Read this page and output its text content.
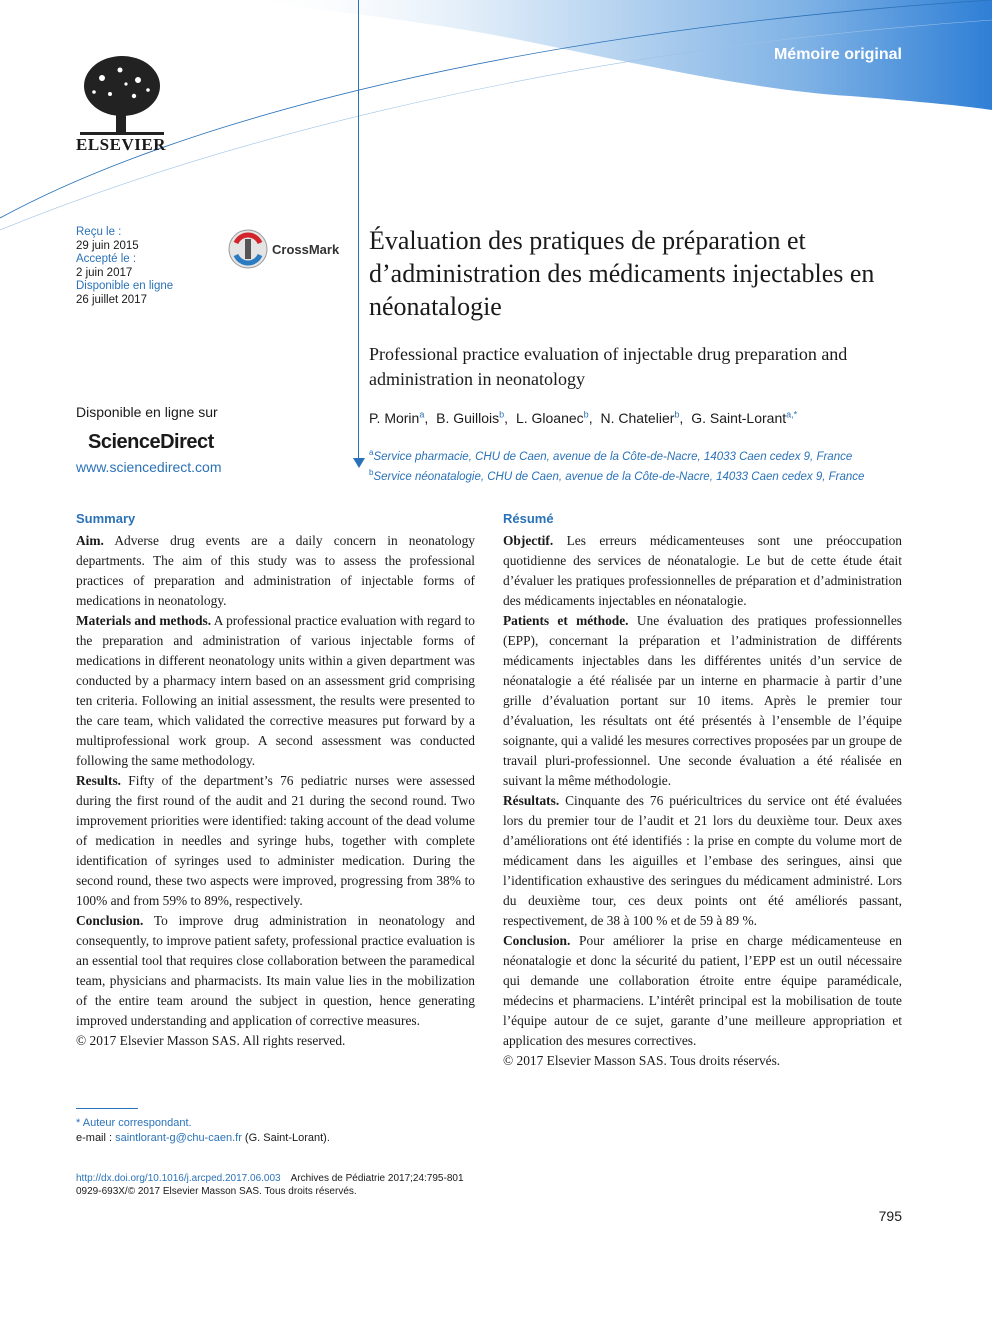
Mémoire original
ELSEVIER
Reçu le :
29 juin 2015
Accepté le :
2 juin 2017
Disponible en ligne
26 juillet 2017
CrossMark
Disponible en ligne sur
ScienceDirect
www.sciencedirect.com
Évaluation des pratiques de préparation et d’administration des médicaments injectables en néonatalogie
Professional practice evaluation of injectable drug preparation and administration in neonatology
P. Morin$^a$, B. Guillois$^b$, L. Gloanec$^b$, N. Chatelier$^b$, G. Saint-Lorant$^{a,*}$
$^a$Service pharmacie, CHU de Caen, avenue de la Côte-de-Nacre, 14033 Caen cedex 9, France
$^b$Service néonatalogie, CHU de Caen, avenue de la Côte-de-Nacre, 14033 Caen cedex 9, France
Summary

Aim. Adverse drug events are a daily concern in neonatology departments. The aim of this study was to assess the professional practices of preparation and administration of injectable forms of medications in neonatology.

Materials and methods. A professional practice evaluation with regard to the preparation and administration of various injectable forms of medications in different neonatology units within a given department was conducted by a pharmacy intern based on an assessment grid comprising ten criteria. Following an initial assessment, the results were presented to the care team, which validated the corrective measures put forward by a multiprofessional work group. A second assessment was conducted following the same methodology.

Results. Fifty of the department’s 76 pediatric nurses were assessed during the first round of the audit and 21 during the second round. Two improvement priorities were identified: taking account of the dead volume of medication in needles and syringe hubs, together with complete identification of syringes used to administer medication. During the second round, these two aspects were improved, progressing from 38% to 100% and from 59% to 89%, respectively.

Conclusion. To improve drug administration in neonatology and consequently, to improve patient safety, professional practice evaluation is an essential tool that requires close collaboration between the paramedical team, physicians and pharmacists. Its main value lies in the mobilization of the entire team around the subject in question, hence generating improved understanding and application of corrective measures.

© 2017 Elsevier Masson SAS. All rights reserved.

Résumé

Objectif. Les erreurs médicamenteuses sont une préoccupation quotidienne des services de néonatalogie. Le but de cette étude était d’évaluer les pratiques professionnelles de préparation et d’administration des médicaments injectables en néonatalogie.

Patients et méthode. Une évaluation des pratiques professionnelles (EPP), concernant la préparation et l’administration de différents médicaments injectables dans les différentes unités d’un service de néonatalogie a été réalisée par un interne en pharmacie à partir d’une grille d’évaluation portant sur 10 items. Après le premier tour d’évaluation, les résultats ont été présentés à l’ensemble de l’équipe soignante, qui a validé les mesures correctives proposées par un groupe de travail pluri-professionnel. Une seconde évaluation a été réalisée en suivant la même méthodologie.

Résultats. Cinquante des 76 puéricultrices du service ont été évaluées lors du premier tour de l’audit et 21 lors du deuxième tour. Deux axes d’améliorations ont été identifiés : la prise en compte du volume mort de médicament dans les aiguilles et l’embase des seringues, ainsi que l’identification exhaustive des seringues du médicament administré. Lors du deuxième tour, ces deux points ont été améliorés passant, respectivement, de 38 à 100 % et de 59 à 89 %.

Conclusion. Pour améliorer la prise en charge médicamenteuse en néonatalogie et donc la sécurité du patient, l’EPP est un outil nécessaire qui demande une collaboration étroite entre équipe paramédicale, médecins et pharmaciens. L’intérêt principal est la mobilisation de toute l’équipe autour de ce sujet, garante d’une meilleure appropriation et application des mesures correctives.

© 2017 Elsevier Masson SAS. Tous droits réservés.

* Auteur correspondant.
e-mail : saintlorant-g@chu-caen.fr (G. Saint-Lorant).
http://dx.doi.org/10.1016/j.arcped.2017.06.003 Archives de Pédiatrie 2017;24:795-801
0929-693X/© 2017 Elsevier Masson SAS. Tous droits réservés.
795
